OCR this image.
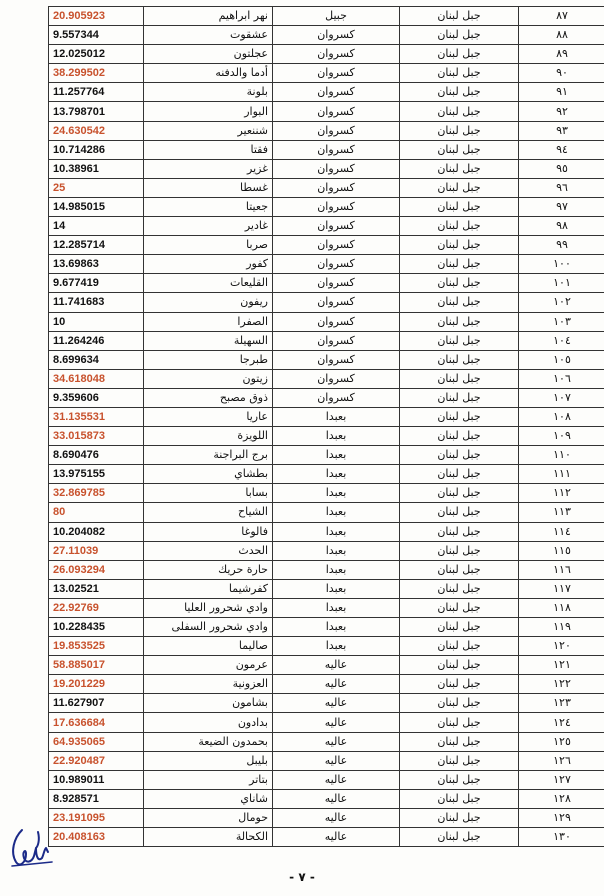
20.905923	نهر ابراهيم	جبيل	جبل لبنان	٨٧
9.557344	عشقوت	كسروان	جبل لبنان	٨٨
12.025012	عجلتون	كسروان	جبل لبنان	٨٩
38.299502	أدما والدفنه	كسروان	جبل لبنان	٩٠
11.257764	بلونة	كسروان	جبل لبنان	٩١
13.798701	البوار	كسروان	جبل لبنان	٩٢
24.630542	شننعير	كسروان	جبل لبنان	٩٣
10.714286	فقتا	كسروان	جبل لبنان	٩٤
10.38961	غزير	كسروان	جبل لبنان	٩٥
25	غسطا	كسروان	جبل لبنان	٩٦
14.985015	جعيتا	كسروان	جبل لبنان	٩٧
14	غادير	كسروان	جبل لبنان	٩٨
12.285714	صربا	كسروان	جبل لبنان	٩٩
13.69863	كفور	كسروان	جبل لبنان	١٠٠
9.677419	القليعات	كسروان	جبل لبنان	١٠١
11.741683	ريفون	كسروان	جبل لبنان	١٠٢
10	الصفرا	كسروان	جبل لبنان	١٠٣
11.264246	السهيلة	كسروان	جبل لبنان	١٠٤
8.699634	طبرجا	كسروان	جبل لبنان	١٠٥
34.618048	زيتون	كسروان	جبل لبنان	١٠٦
9.359606	ذوق مصبح	كسروان	جبل لبنان	١٠٧
31.135531	عاريا	بعبدا	جبل لبنان	١٠٨
33.015873	اللويزة	بعبدا	جبل لبنان	١٠٩
8.690476	برج البراجنة	بعبدا	جبل لبنان	١١٠
13.975155	بطشاي	بعبدا	جبل لبنان	١١١
32.869785	بسابا	بعبدا	جبل لبنان	١١٢
80	الشياح	بعبدا	جبل لبنان	١١٣
10.204082	فالوغا	بعبدا	جبل لبنان	١١٤
27.11039	الحدث	بعبدا	جبل لبنان	١١٥
26.093294	حارة حريك	بعبدا	جبل لبنان	١١٦
13.02521	كفرشيما	بعبدا	جبل لبنان	١١٧
22.92769	وادي شحرور العليا	بعبدا	جبل لبنان	١١٨
10.228435	وادي شحرور السفلى	بعبدا	جبل لبنان	١١٩
19.853525	صاليما	بعبدا	جبل لبنان	١٢٠
58.885017	عرمون	عاليه	جبل لبنان	١٢١
19.201229	العزونية	عاليه	جبل لبنان	١٢٢
11.627907	بشامون	عاليه	جبل لبنان	١٢٣
17.636684	بدادون	عاليه	جبل لبنان	١٢٤
64.935065	بحمدون الضيعة	عاليه	جبل لبنان	١٢٥
22.920487	بليبل	عاليه	جبل لبنان	١٢٦
10.989011	بتاتر	عاليه	جبل لبنان	١٢٧
8.928571	شاناي	عاليه	جبل لبنان	١٢٨
23.191095	حومال	عاليه	جبل لبنان	١٢٩
20.408163	الكحالة	عاليه	جبل لبنان	١٣٠
- ٧ -
